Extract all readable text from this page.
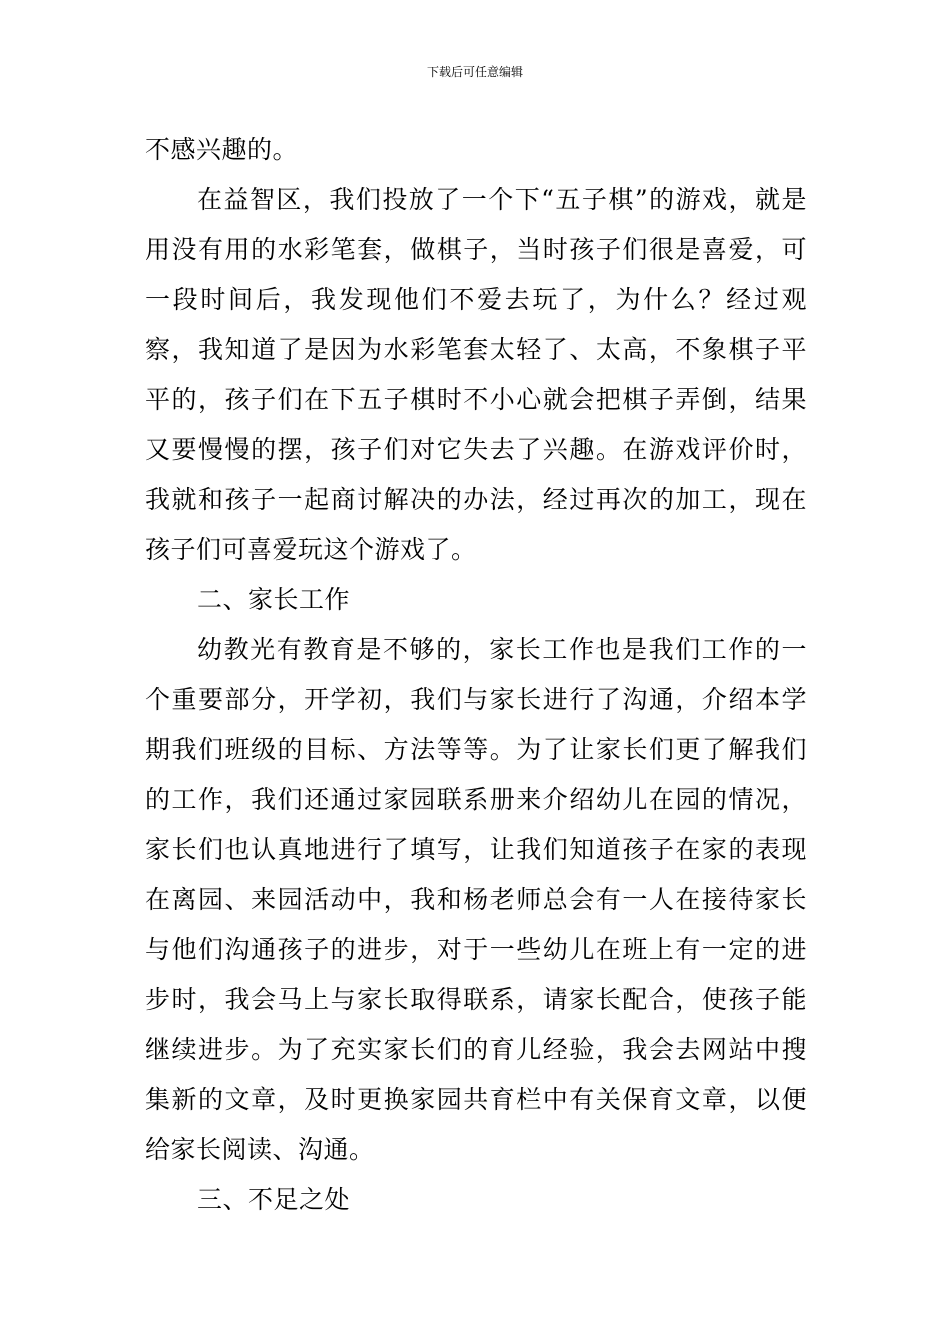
下载后可任意编辑

不感兴趣的。

在益智区，我们投放了一个下“五子棋”的游戏，就是用没有用的水彩笔套，做棋子，当时孩子们很是喜爱，可一段时间后，我发现他们不爱去玩了，为什么？经过观察，我知道了是因为水彩笔套太轻了、太高，不象棋子平平的，孩子们在下五子棋时不小心就会把棋子弄倒，结果又要慢慢的摆，孩子们对它失去了兴趣。在游戏评价时，我就和孩子一起商讨解决的办法，经过再次的加工，现在孩子们可喜爱玩这个游戏了。

二、家长工作

幼教光有教育是不够的，家长工作也是我们工作的一个重要部分，开学初，我们与家长进行了沟通，介绍本学期我们班级的目标、方法等等。为了让家长们更了解我们的工作，我们还通过家园联系册来介绍幼儿在园的情况，家长们也认真地进行了填写，让我们知道孩子在家的表现在离园、来园活动中，我和杨老师总会有一人在接待家长与他们沟通孩子的进步，对于一些幼儿在班上有一定的进步时，我会马上与家长取得联系，请家长配合，使孩子能继续进步。为了充实家长们的育儿经验，我会去网站中搜集新的文章，及时更换家园共育栏中有关保育文章，以便给家长阅读、沟通。

三、不足之处
